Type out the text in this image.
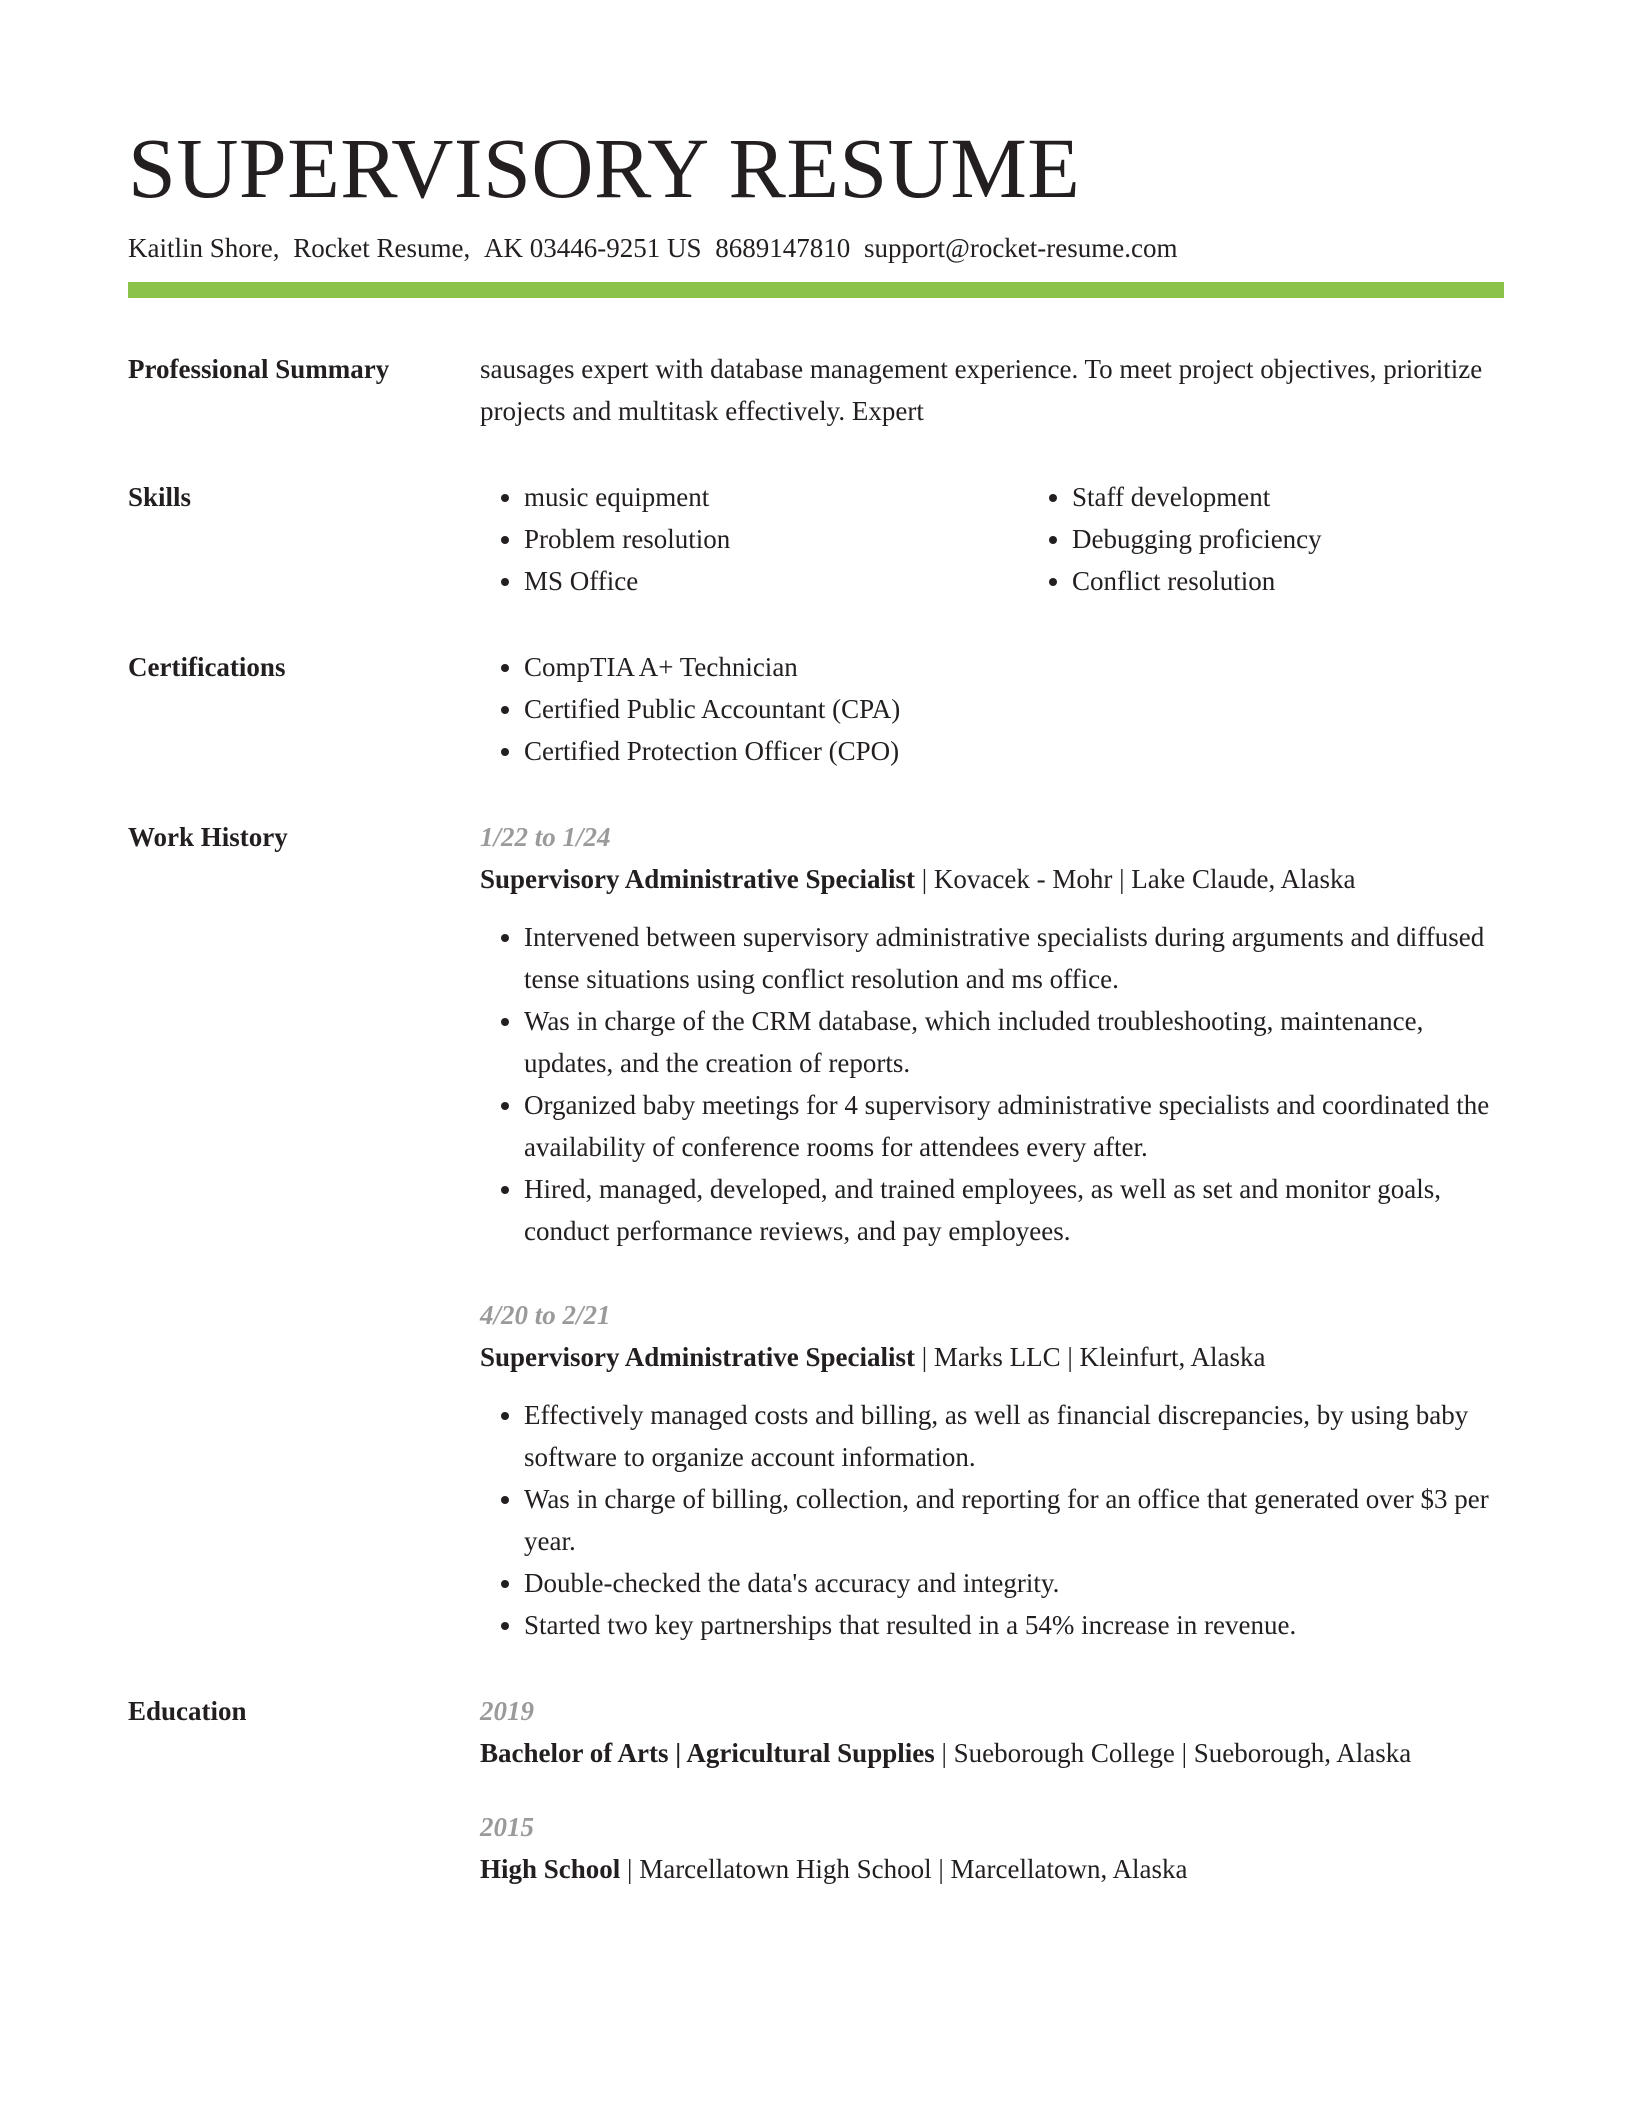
SUPERVISORY RESUME
Kaitlin Shore, Rocket Resume, AK 03446-9251 US 8689147810 support@rocket-resume.com
Professional Summary	sausages expert with database management experience. To meet project objectives, prioritize projects and multitask effectively. Expert

Skills	• music equipment
• Problem resolution
• MS Office
• Staff development
• Debugging proficiency
• Conflict resolution
Certifications	• CompTIA A+ Technician
• Certified Public Accountant (CPA)
• Certified Protection Officer (CPO)
Work History	1/22 to 1/24
Supervisory Administrative Specialist | Kovacek - Mohr | Lake Claude, Alaska
• Intervened between supervisory administrative specialists during arguments and diffused tense situations using conflict resolution and ms office.
• Was in charge of the CRM database, which included troubleshooting, maintenance, updates, and the creation of reports.
• Organized baby meetings for 4 supervisory administrative specialists and coordinated the availability of conference rooms for attendees every after.
• Hired, managed, developed, and trained employees, as well as set and monitor goals, conduct performance reviews, and pay employees.
4/20 to 2/21
Supervisory Administrative Specialist | Marks LLC | Kleinfurt, Alaska
• Effectively managed costs and billing, as well as financial discrepancies, by using baby software to organize account information.
• Was in charge of billing, collection, and reporting for an office that generated over $3 per year.
• Double-checked the data's accuracy and integrity.
• Started two key partnerships that resulted in a 54% increase in revenue.
Education	2019
Bachelor of Arts | Agricultural Supplies | Sueborough College | Sueborough, Alaska
2015
High School | Marcellatown High School | Marcellatown, Alaska
